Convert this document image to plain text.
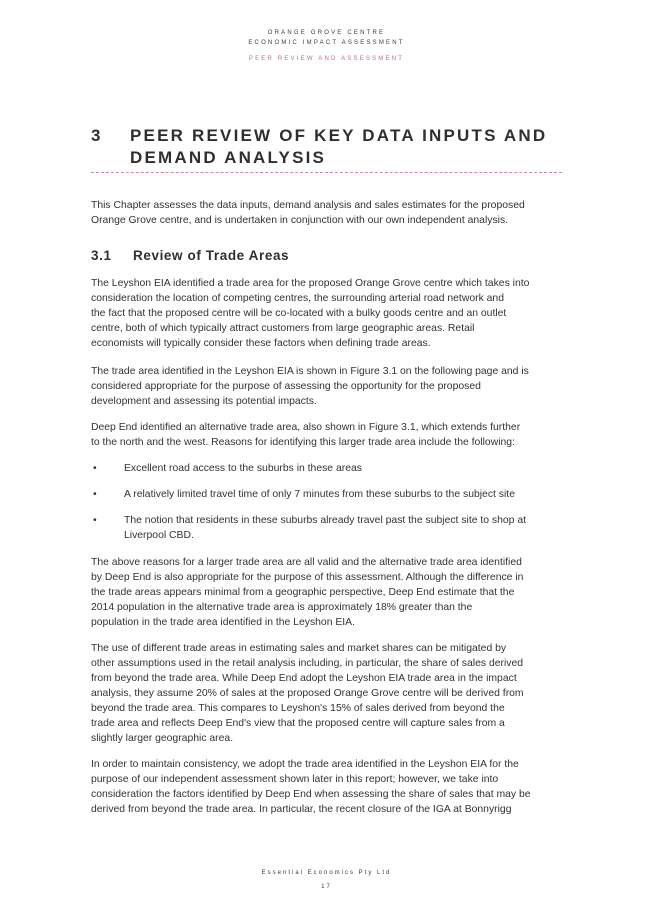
ORANGE GROVE CENTRE
ECONOMIC IMPACT ASSESSMENT
PEER REVIEW AND ASSESSMENT
3 PEER REVIEW OF KEY DATA INPUTS AND
DEMAND ANALYSIS
This Chapter assesses the data inputs, demand analysis and sales estimates for the proposed
Orange Grove centre, and is undertaken in conjunction with our own independent analysis.
3.1 Review of Trade Areas
The Leyshon EIA identified a trade area for the proposed Orange Grove centre which takes into
consideration the location of competing centres, the surrounding arterial road network and
the fact that the proposed centre will be co-located with a bulky goods centre and an outlet
centre, both of which typically attract customers from large geographic areas. Retail
economists will typically consider these factors when defining trade areas.
The trade area identified in the Leyshon EIA is shown in Figure 3.1 on the following page and is
considered appropriate for the purpose of assessing the opportunity for the proposed
development and assessing its potential impacts.
Deep End identified an alternative trade area, also shown in Figure 3.1, which extends further
to the north and the west. Reasons for identifying this larger trade area include the following:
•	Excellent road access to the suburbs in these areas
•	A relatively limited travel time of only 7 minutes from these suburbs to the subject site
•	The notion that residents in these suburbs already travel past the subject site to shop at
Liverpool CBD.
The above reasons for a larger trade area are all valid and the alternative trade area identified
by Deep End is also appropriate for the purpose of this assessment. Although the difference in
the trade areas appears minimal from a geographic perspective, Deep End estimate that the
2014 population in the alternative trade area is approximately 18% greater than the
population in the trade area identified in the Leyshon EIA.
The use of different trade areas in estimating sales and market shares can be mitigated by
other assumptions used in the retail analysis including, in particular, the share of sales derived
from beyond the trade area. While Deep End adopt the Leyshon EIA trade area in the impact
analysis, they assume 20% of sales at the proposed Orange Grove centre will be derived from
beyond the trade area. This compares to Leyshon's 15% of sales derived from beyond the
trade area and reflects Deep End's view that the proposed centre will capture sales from a
slightly larger geographic area.
In order to maintain consistency, we adopt the trade area identified in the Leyshon EIA for the
purpose of our independent assessment shown later in this report; however, we take into
consideration the factors identified by Deep End when assessing the share of sales that may be
derived from beyond the trade area. In particular, the recent closure of the IGA at Bonnyrigg
Essential Economics Pty Ltd
17
